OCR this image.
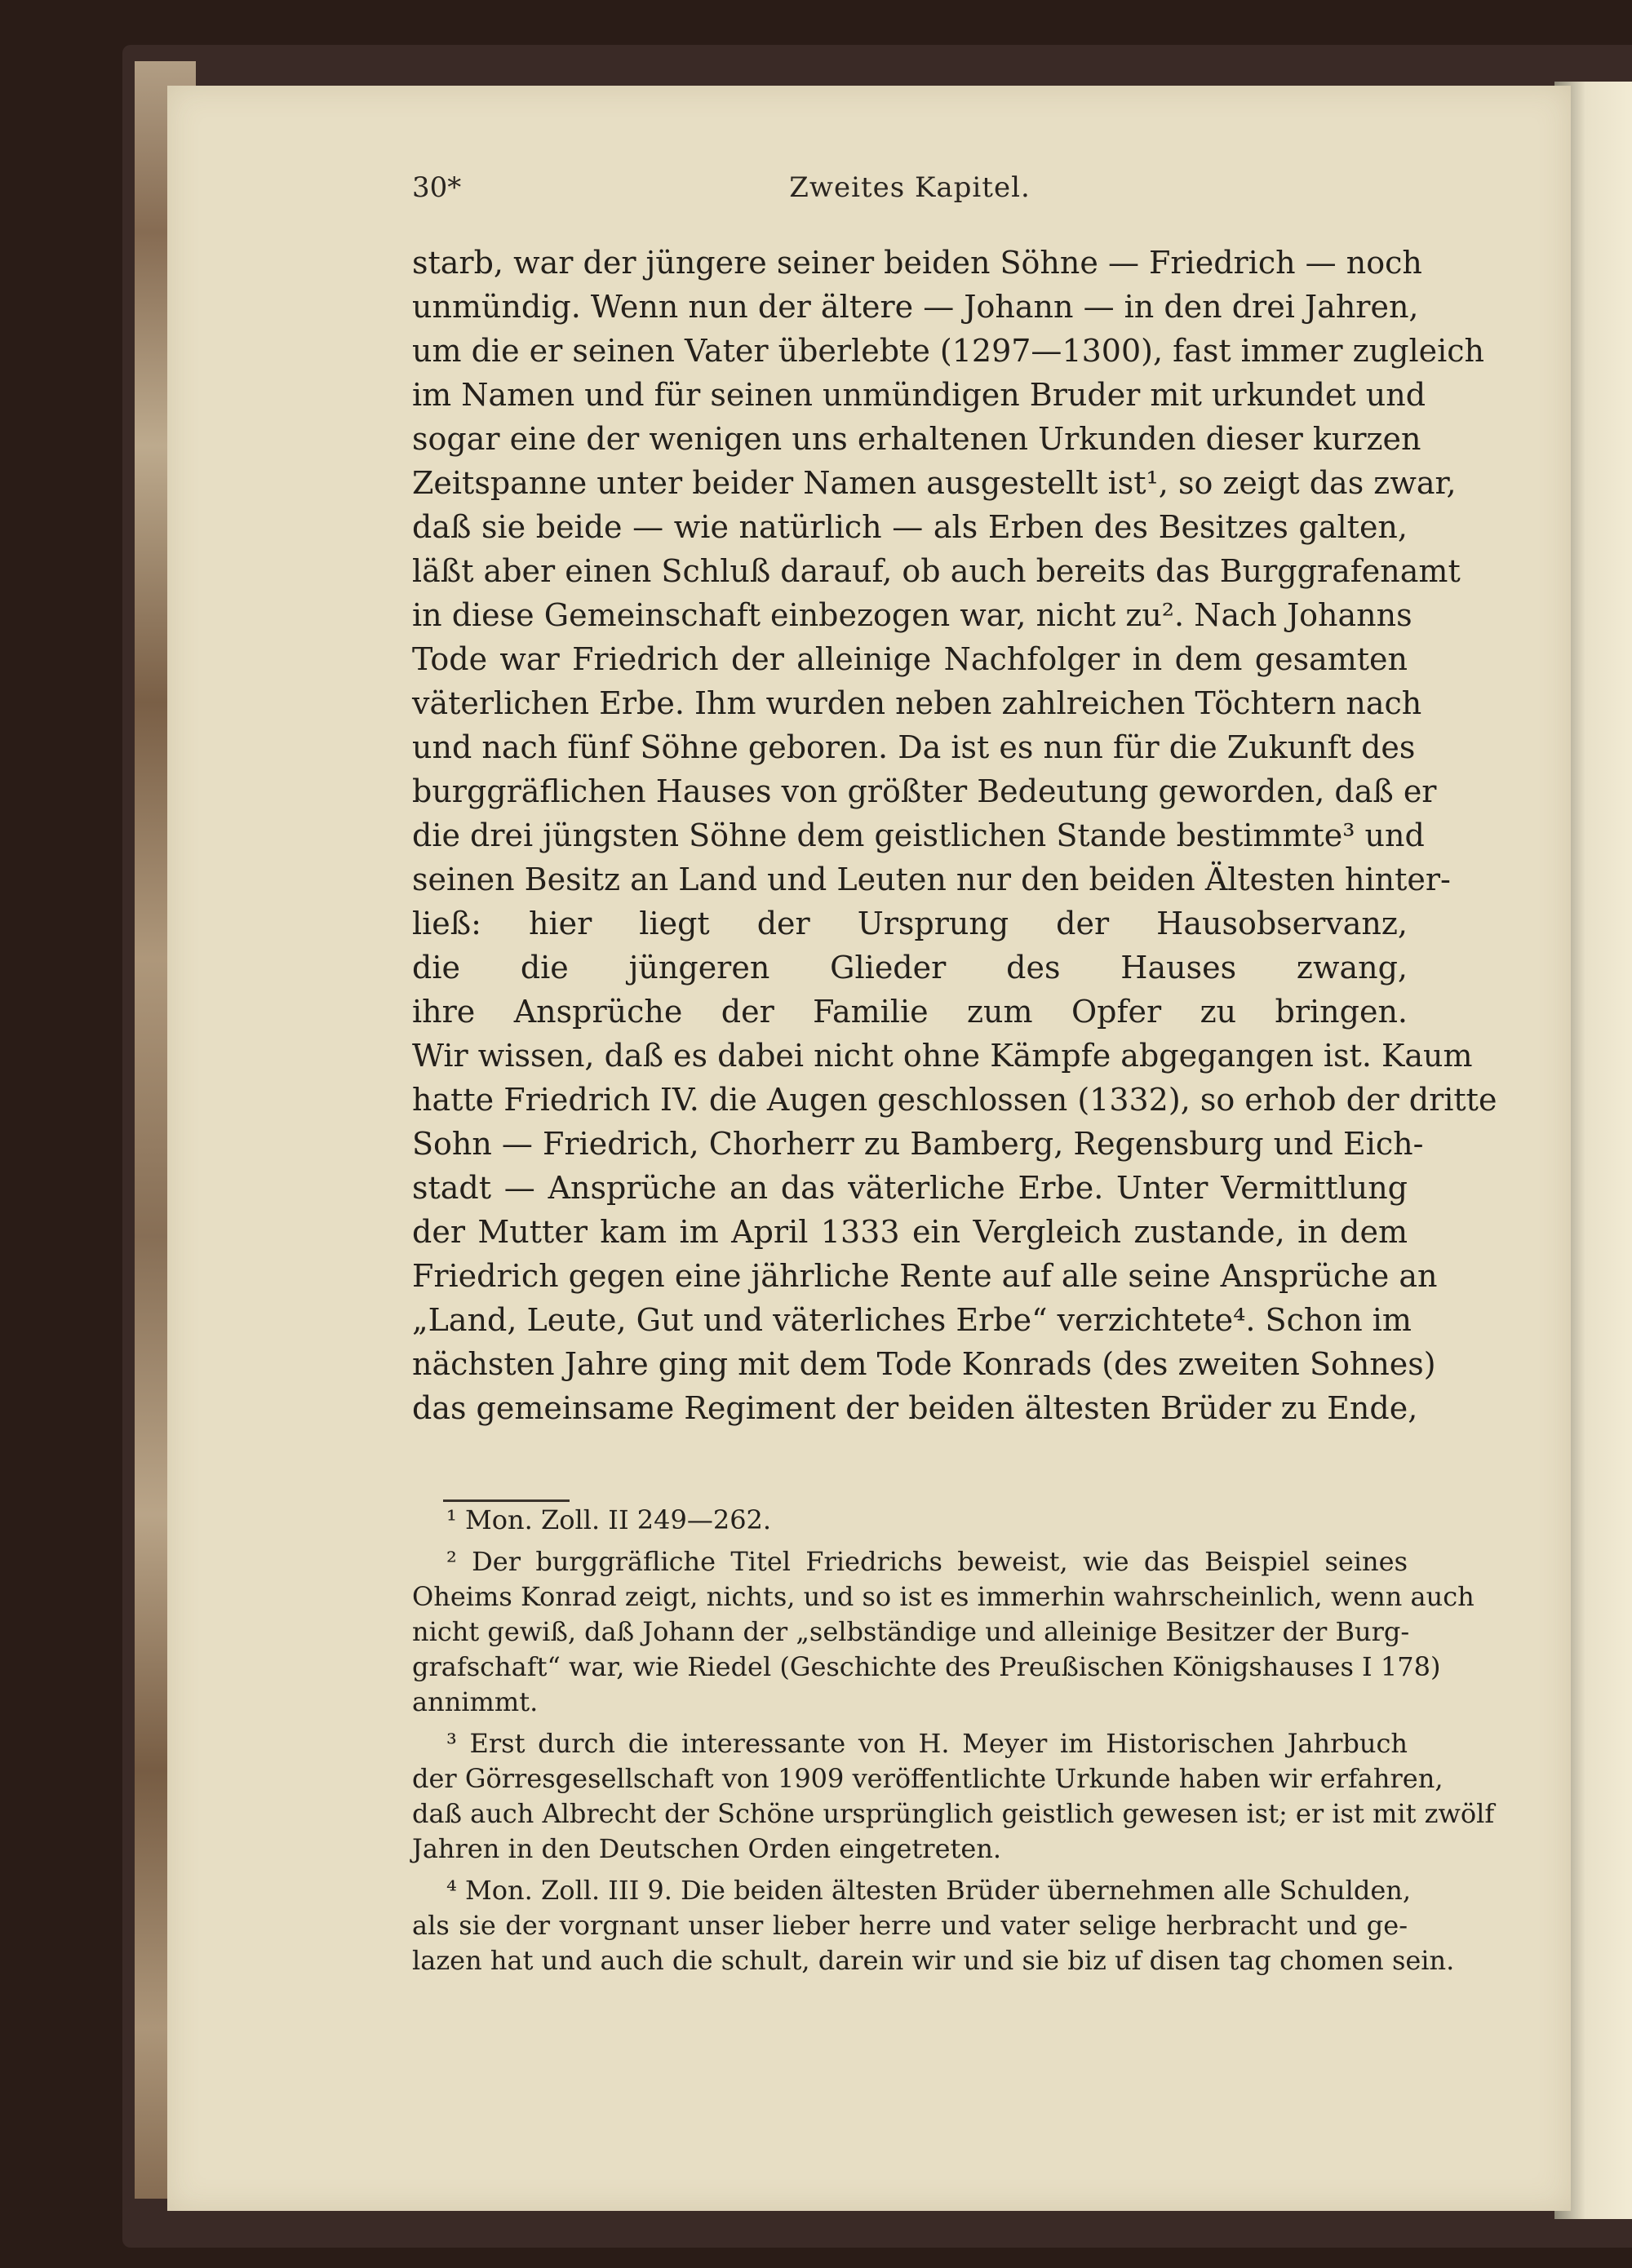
30*	Zweites Kapitel.
starb, war der jüngere seiner beiden Söhne — Friedrich — noch
unmündig. Wenn nun der ältere — Johann — in den drei Jahren,
um die er seinen Vater überlebte (1297—1300), fast immer zugleich
im Namen und für seinen unmündigen Bruder mit urkundet und
sogar eine der wenigen uns erhaltenen Urkunden dieser kurzen
Zeitspanne unter beider Namen ausgestellt ist¹, so zeigt das zwar,
daß sie beide — wie natürlich — als Erben des Besitzes galten,
läßt aber einen Schluß darauf, ob auch bereits das Burggrafenamt
in diese Gemeinschaft einbezogen war, nicht zu². Nach Johanns
Tode war Friedrich der alleinige Nachfolger in dem gesamten
väterlichen Erbe. Ihm wurden neben zahlreichen Töchtern nach
und nach fünf Söhne geboren. Da ist es nun für die Zukunft des
burggräflichen Hauses von größter Bedeutung geworden, daß er
die drei jüngsten Söhne dem geistlichen Stande bestimmte³ und
seinen Besitz an Land und Leuten nur den beiden Ältesten hinter-
ließ: hier liegt der Ursprung der Hausobservanz,
die die jüngeren Glieder des Hauses zwang,
ihre Ansprüche der Familie zum Opfer zu bringen.
Wir wissen, daß es dabei nicht ohne Kämpfe abgegangen ist. Kaum
hatte Friedrich IV. die Augen geschlossen (1332), so erhob der dritte
Sohn — Friedrich, Chorherr zu Bamberg, Regensburg und Eich-
stadt — Ansprüche an das väterliche Erbe. Unter Vermittlung
der Mutter kam im April 1333 ein Vergleich zustande, in dem
Friedrich gegen eine jährliche Rente auf alle seine Ansprüche an
„Land, Leute, Gut und väterliches Erbe“ verzichtete⁴. Schon im
nächsten Jahre ging mit dem Tode Konrads (des zweiten Sohnes)
das gemeinsame Regiment der beiden ältesten Brüder zu Ende,
¹ Mon. Zoll. II 249—262.
² Der burggräfliche Titel Friedrichs beweist, wie das Beispiel seines
Oheims Konrad zeigt, nichts, und so ist es immerhin wahrscheinlich, wenn auch
nicht gewiß, daß Johann der „selbständige und alleinige Besitzer der Burg-
grafschaft“ war, wie Riedel (Geschichte des Preußischen Königshauses I 178)
annimmt.
³ Erst durch die interessante von H. Meyer im Historischen Jahrbuch
der Görresgesellschaft von 1909 veröffentlichte Urkunde haben wir erfahren,
daß auch Albrecht der Schöne ursprünglich geistlich gewesen ist; er ist mit zwölf
Jahren in den Deutschen Orden eingetreten.
⁴ Mon. Zoll. III 9. Die beiden ältesten Brüder übernehmen alle Schulden,
als sie der vorgnant unser lieber herre und vater selige herbracht und ge-
lazen hat und auch die schult, darein wir und sie biz uf disen tag chomen sein.
